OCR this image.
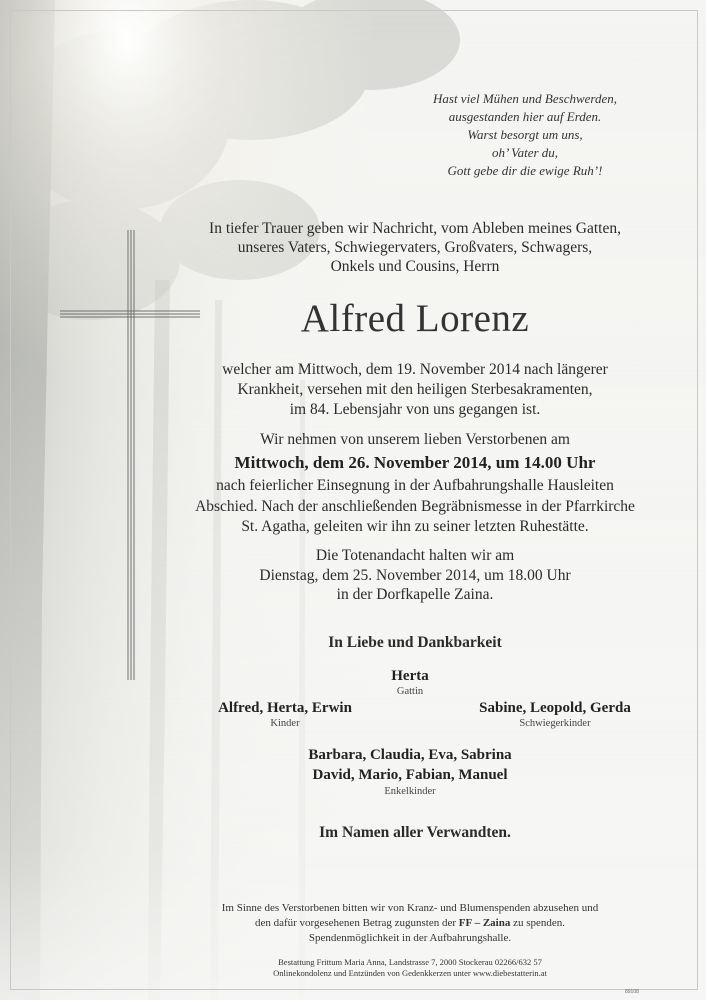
Hast viel Mühen und Beschwerden,
ausgestanden hier auf Erden.
Warst besorgt um uns,
oh’ Vater du,
Gott gebe dir die ewige Ruh’!
In tiefer Trauer geben wir Nachricht, vom Ableben meines Gatten,
unseres Vaters, Schwiegervaters, Großvaters, Schwagers,
Onkels und Cousins, Herrn
Alfred Lorenz
welcher am Mittwoch, dem 19. November 2014 nach längerer
Krankheit, versehen mit den heiligen Sterbesakramenten,
im 84. Lebensjahr von uns gegangen ist.
Wir nehmen von unserem lieben Verstorbenen am
Mittwoch, dem 26. November 2014, um 14.00 Uhr
nach feierlicher Einsegnung in der Aufbahrungshalle Hausleiten
Abschied. Nach der anschließenden Begräbnismesse in der Pfarrkirche
St. Agatha, geleiten wir ihn zu seiner letzten Ruhestätte.
Die Totenandacht halten wir am
Dienstag, dem 25. November 2014, um 18.00 Uhr
in der Dorfkapelle Zaina.
In Liebe und Dankbarkeit
Herta
Gattin
Alfred, Herta, Erwin
Kinder
Sabine, Leopold, Gerda
Schwiegerkinder
Barbara, Claudia, Eva, Sabrina
David, Mario, Fabian, Manuel
Enkelkinder
Im Namen aller Verwandten.
Im Sinne des Verstorbenen bitten wir von Kranz- und Blumenspenden abzusehen und
den dafür vorgesehenen Betrag zugunsten der FF – Zaina zu spenden.
Spendenmöglichkeit in der Aufbahrungshalle.
Bestattung Frittum Maria Anna, Landstrasse 7, 2000 Stockerau 02266/632 57
Onlinekondolenz und Entzünden von Gedenkkerzen unter www.diebestatterin.at
89108
